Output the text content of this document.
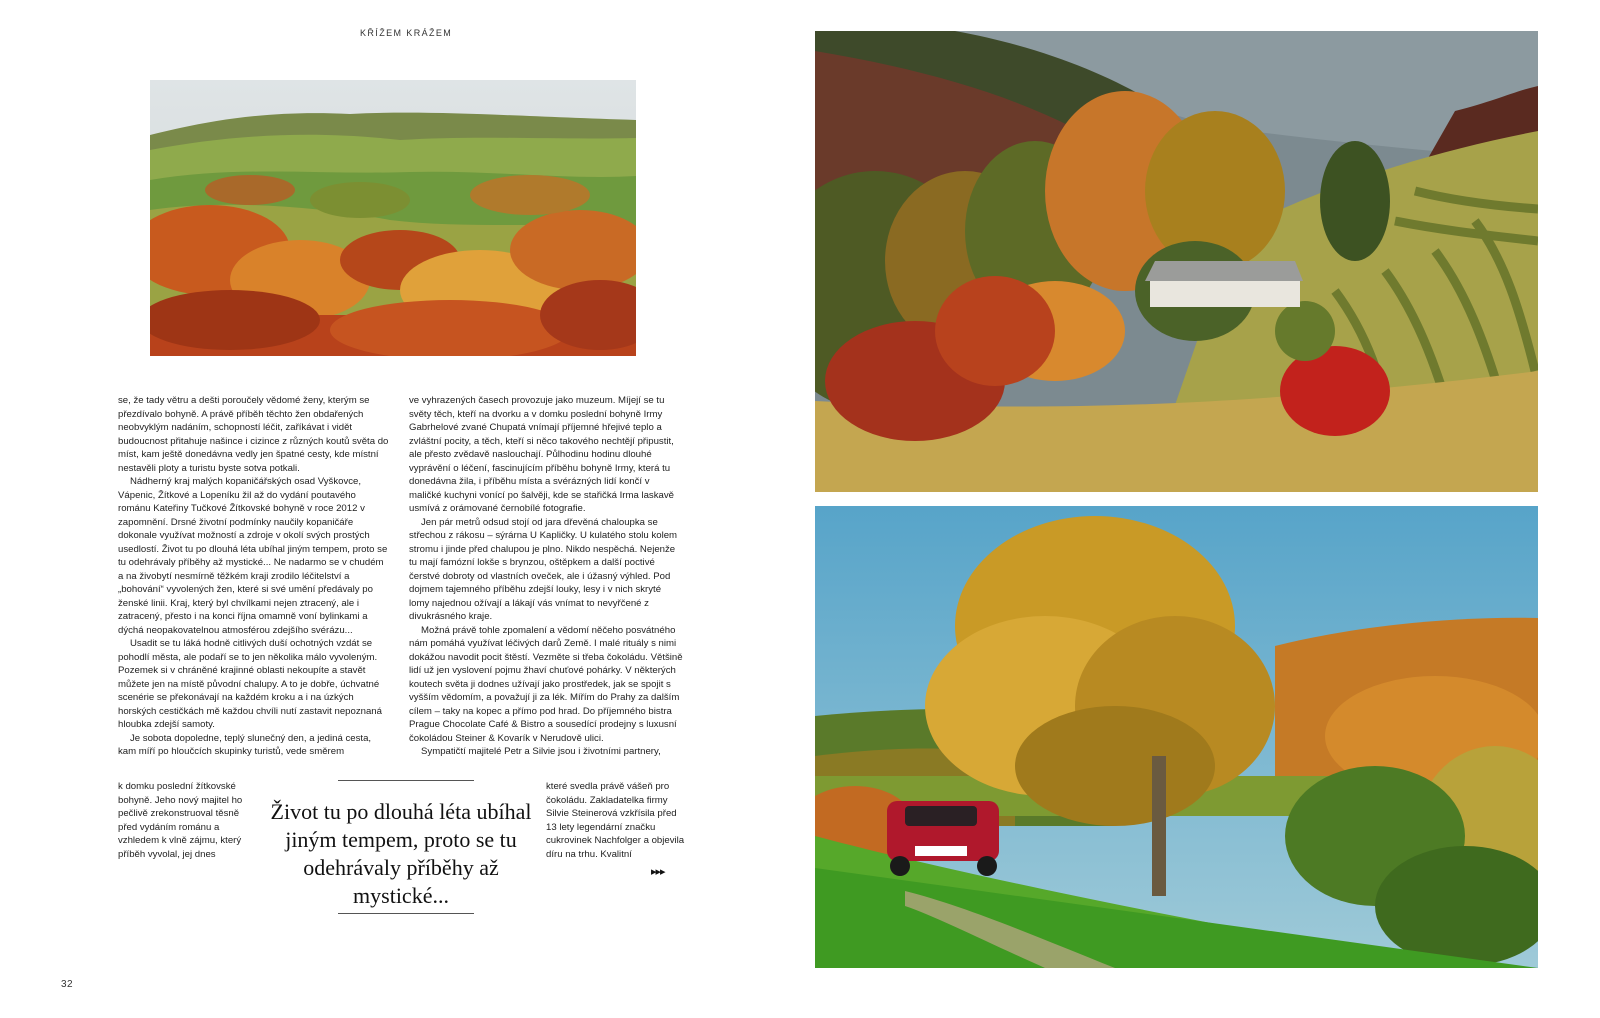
KŘÍŽEM KRÁŽEM

se, že tady větru a dešti poroučely vědomé ženy, kterým se přezdívalo bohyně. A právě příběh těchto žen obdařených neobvyklým nadáním, schopností léčit, zaříkávat i vidět budoucnost přitahuje našince i cizince z různých koutů světa do míst, kam ještě donedávna vedly jen špatné cesty, kde místní nestavěli ploty a turistu byste sotva potkali.

Nádherný kraj malých kopaničářských osad Vyškovce, Vápenic, Žítkové a Lopeníku žil až do vydání poutavého románu Kateřiny Tučkové Žítkovské bohyně v roce 2012 v zapomnění. Drsné životní podmínky naučily kopaničáře dokonale využívat možností a zdroje v okolí svých prostých usedlostí. Život tu po dlouhá léta ubíhal jiným tempem, proto se tu odehrávaly příběhy až mystické... Ne nadarmo se v chudém a na živobytí nesmírně těžkém kraji zrodilo léčitelství a „bohování“ vyvolených žen, které si své umění předávaly po ženské linii. Kraj, který byl chvílkami nejen ztracený, ale i zatracený, přesto i na konci října omamně voní bylinkami a dýchá neopakovatelnou atmosférou zdejšího svérázu...

Usadit se tu láká hodně citlivých duší ochotných vzdát se pohodlí města, ale podaří se to jen několika málo vyvoleným. Pozemek si v chráněné krajinné oblasti nekoupíte a stavět můžete jen na místě původní chalupy. A to je dobře, úchvatné scenérie se překonávají na každém kroku a i na úzkých horských cestičkách mě každou chvíli nutí zastavit nepoznaná hloubka zdejší samoty.

Je sobota dopoledne, teplý slunečný den, a jediná cesta, kam míří po hloučcích skupinky turistů, vede směrem

k domku poslední žítkovské bohyně. Jeho nový majitel ho pečlivě zrekonstruoval těsně před vydáním románu a vzhledem k vlně zájmu, který příběh vyvolal, jej dnes

ve vyhrazených časech provozuje jako muzeum. Míjejí se tu světy těch, kteří na dvorku a v domku poslední bohyně Irmy Gabrhelové zvané Chupatá vnímají příjemné hřejivé teplo a zvláštní pocity, a těch, kteří si něco takového nechtějí připustit, ale přesto zvědavě naslouchají. Půlhodinu hodinu dlouhé vyprávění o léčení, fascinujícím příběhu bohyně Irmy, která tu donedávna žila, i příběhu místa a svérázných lidí končí v maličké kuchyni vonící po šalvěji, kde se stařičká Irma laskavě usmívá z orámované černobílé fotografie.

Jen pár metrů odsud stojí od jara dřevěná chaloupka se střechou z rákosu – sýrárna U Kapličky. U kulatého stolu kolem stromu i jinde před chalupou je plno. Nikdo nespěchá. Nejenže tu mají famózní lokše s brynzou, oštěpkem a další poctivé čerstvé dobroty od vlastních oveček, ale i úžasný výhled. Pod dojmem tajemného příběhu zdejší louky, lesy i v nich skryté lomy najednou ožívají a lákají vás vnímat to nevyřčené z divukrásného kraje.

Možná právě tohle zpomalení a vědomí něčeho posvátného nám pomáhá využívat léčivých darů Země. I malé rituály s nimi dokážou navodit pocit štěstí. Vezměte si třeba čokoládu. Většině lidí už jen vyslovení pojmu žhaví chuťové pohárky. V některých koutech světa ji dodnes užívají jako prostředek, jak se spojit s vyšším vědomím, a považují ji za lék. Mířím do Prahy za dalším cílem – taky na kopec a přímo pod hrad. Do příjemného bistra Prague Chocolate Café & Bistro a sousedící prodejny s luxusní čokoládou Steiner & Kovarík v Nerudově ulici.

Sympatičtí majitelé Petr a Silvie jsou i životními partnery,

které svedla právě vášeň pro čokoládu. Zakladatelka firmy Silvie Steinerová vzkřísila před 13 lety legendární značku cukrovinek Nachfolger a objevila díru na trhu. Kvalitní
Život tu po dlouhá léta ubíhal jiným tempem, proto se tu odehrávaly příběhy až mystické...
▸▸▸
32
